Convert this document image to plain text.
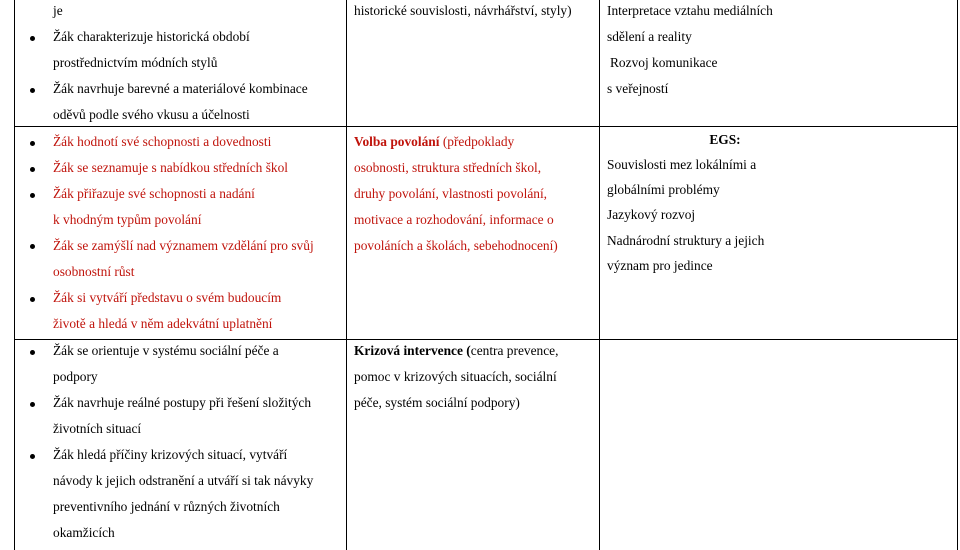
je
Žák charakterizuje historická období
prostřednictvím módních stylů
Žák navrhuje barevné a materiálové kombinace
oděvů podle svého vkusu a účelnosti
Žák hodnotí své schopnosti a dovednosti
Žák se seznamuje s nabídkou středních škol
Žák přiřazuje své schopnosti a nadání
k vhodným typům povolání
Žák se zamýšlí nad významem vzdělání pro svůj
osobnostní růst
Žák si vytváří představu o svém budoucím
životě a hledá v něm adekvátní uplatnění
Žák se orientuje v systému sociální péče a
podpory
Žák navrhuje reálné postupy při řešení složitých
životních situací
Žák hledá příčiny krizových situací, vytváří
návody k jejich odstranění a utváří si tak návyky
preventivního jednání v různých životních
okamžicích
historické souvislosti, návrhářství, styly)
Volba povolání (předpoklady
osobnosti, struktura středních škol,
druhy povolání, vlastnosti povolání,
motivace a rozhodování, informace o
povoláních a školách, sebehodnocení)
Krizová intervence (centra prevence,
pomoc v krizových situacích, sociální
péče, systém sociální podpory)
Interpretace vztahu mediálních
sdělení a reality
Rozvoj komunikace
s veřejností
EGS:
Souvislosti mez lokálními a
globálními problémy
Jazykový rozvoj
Nadnárodní struktury a jejich
význam pro jedince
